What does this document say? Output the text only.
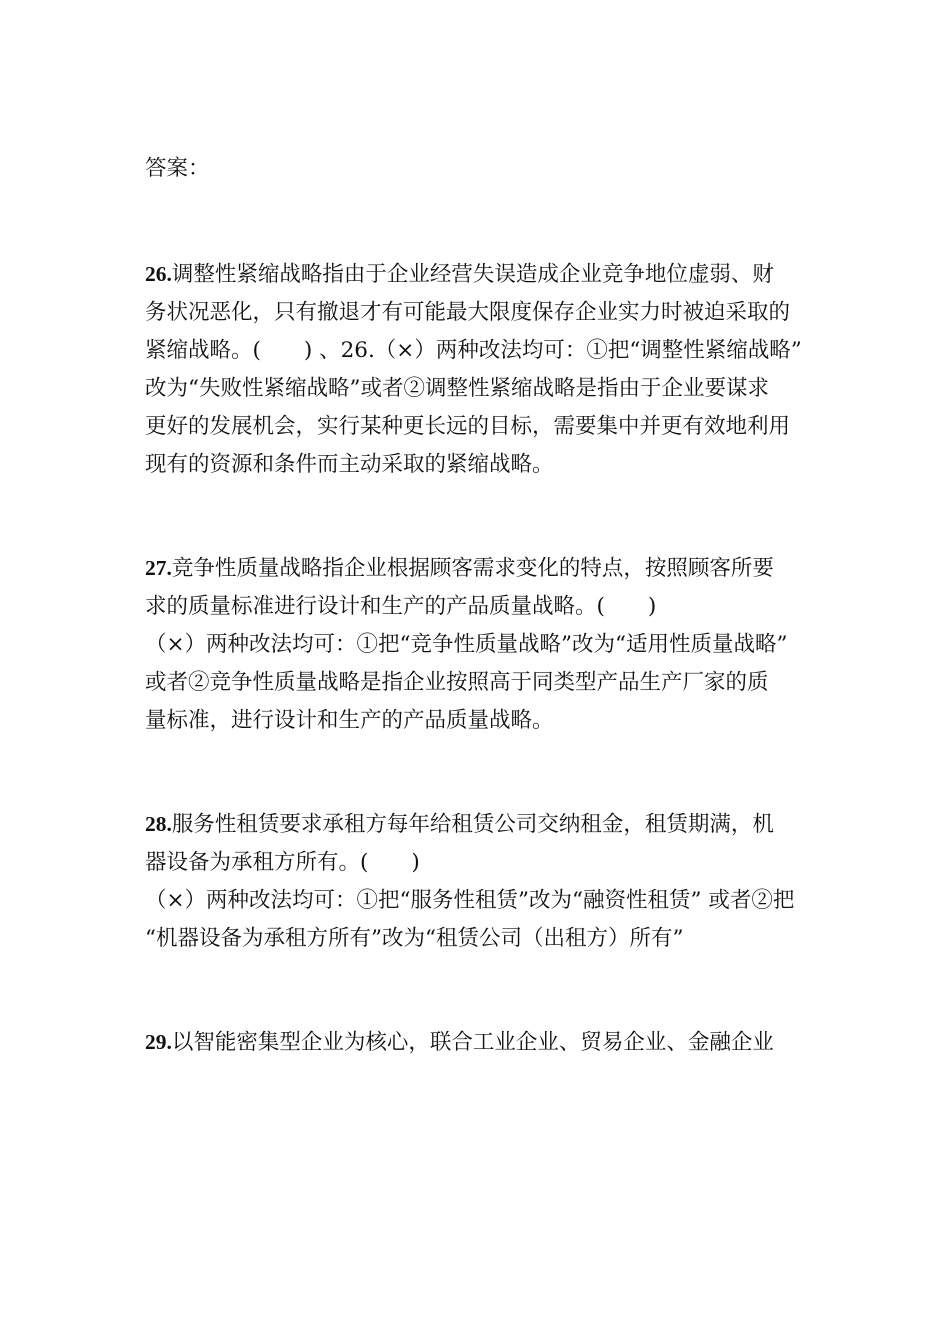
答案：

26.调整性紧缩战略指由于企业经营失误造成企业竞争地位虚弱、财
务状况恶化，只有撤退才有可能最大限度保存企业实力时被迫采取的
紧缩战略。(　　) 、26.（×）两种改法均可：①把“调整性紧缩战略”
改为“失败性紧缩战略”或者②调整性紧缩战略是指由于企业要谋求
更好的发展机会，实行某种更长远的目标，需要集中并更有效地利用
现有的资源和条件而主动采取的紧缩战略。
27.竞争性质量战略指企业根据顾客需求变化的特点，按照顾客所要
求的质量标准进行设计和生产的产品质量战略。(　　)
（×）两种改法均可：①把“竞争性质量战略”改为“适用性质量战略”
或者②竞争性质量战略是指企业按照高于同类型产品生产厂家的质
量标准，进行设计和生产的产品质量战略。
28.服务性租赁要求承租方每年给租赁公司交纳租金，租赁期满，机
器设备为承租方所有。(　　)
（×）两种改法均可：①把“服务性租赁”改为“融资性租赁” 或者②把
“机器设备为承租方所有”改为“租赁公司（出租方）所有”
29.以智能密集型企业为核心，联合工业企业、贸易企业、金融企业
